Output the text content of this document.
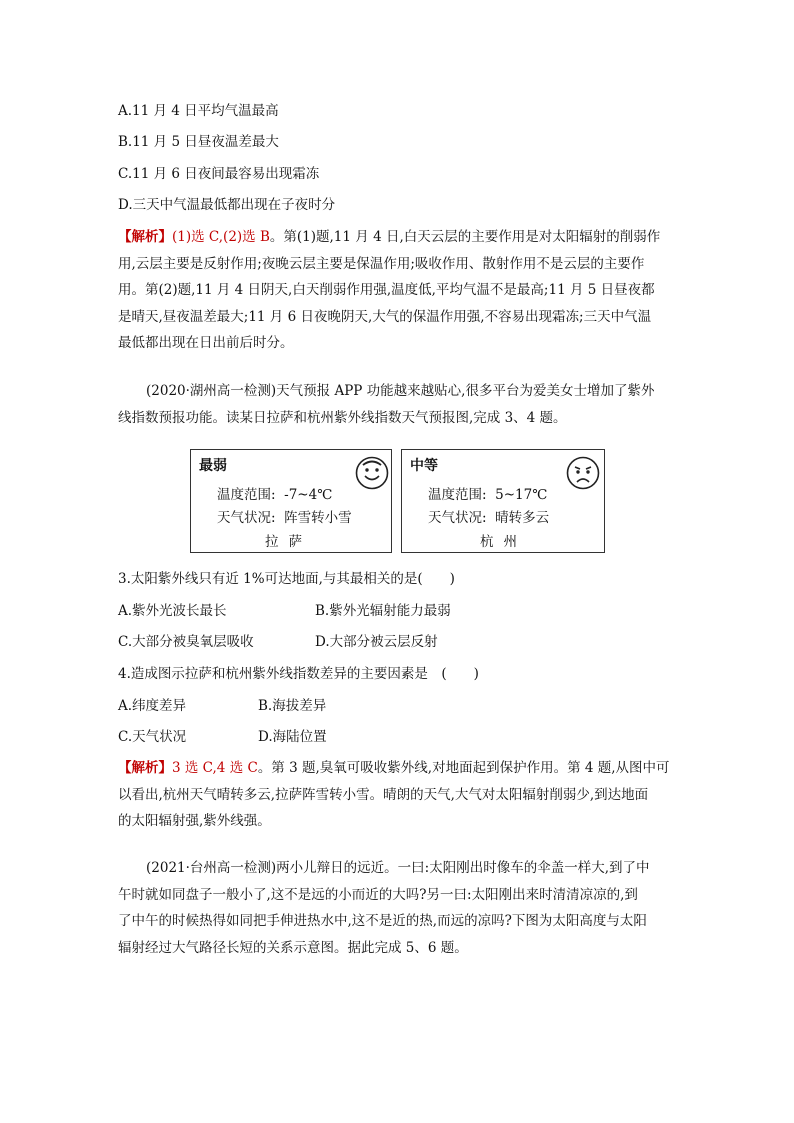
A.11 月 4 日平均气温最高
B.11 月 5 日昼夜温差最大
C.11 月 6 日夜间最容易出现霜冻
D.三天中气温最低都出现在子夜时分
【解析】(1)选 C,(2)选 B。第(1)题,11 月 4 日,白天云层的主要作用是对太阳辐射的削弱作
用,云层主要是反射作用;夜晚云层主要是保温作用;吸收作用、散射作用不是云层的主要作
用。第(2)题,11 月 4 日阴天,白天削弱作用强,温度低,平均气温不是最高;11 月 5 日昼夜都
是晴天,昼夜温差最大;11 月 6 日夜晚阴天,大气的保温作用强,不容易出现霜冻;三天中气温
最低都出现在日出前后时分。
(2020·湖州高一检测)天气预报 APP 功能越来越贴心,很多平台为爱美女士增加了紫外
线指数预报功能。读某日拉萨和杭州紫外线指数天气预报图,完成 3、4 题。
最弱
温度范围: -7~4℃
天气状况: 阵雪转小雪
拉萨
中等
温度范围: 5~17℃
天气状况: 晴转多云
杭州
3.太阳紫外线只有近 1%可达地面,与其最相关的是(　　)
A.紫外光波长最长	B.紫外光辐射能力最弱
C.大部分被臭氧层吸收	D.大部分被云层反射
4.造成图示拉萨和杭州紫外线指数差异的主要因素是　(　　)
A.纬度差异	B.海拔差异
C.天气状况	D.海陆位置
【解析】3 选 C,4 选 C。第 3 题,臭氧可吸收紫外线,对地面起到保护作用。第 4 题,从图中可
以看出,杭州天气晴转多云,拉萨阵雪转小雪。晴朗的天气,大气对太阳辐射削弱少,到达地面
的太阳辐射强,紫外线强。
(2021·台州高一检测)两小儿辩日的远近。一曰:太阳刚出时像车的伞盖一样大,到了中
午时就如同盘子一般小了,这不是远的小而近的大吗?另一曰:太阳刚出来时清清凉凉的,到
了中午的时候热得如同把手伸进热水中,这不是近的热,而远的凉吗?下图为太阳高度与太阳
辐射经过大气路径长短的关系示意图。据此完成 5、6 题。
